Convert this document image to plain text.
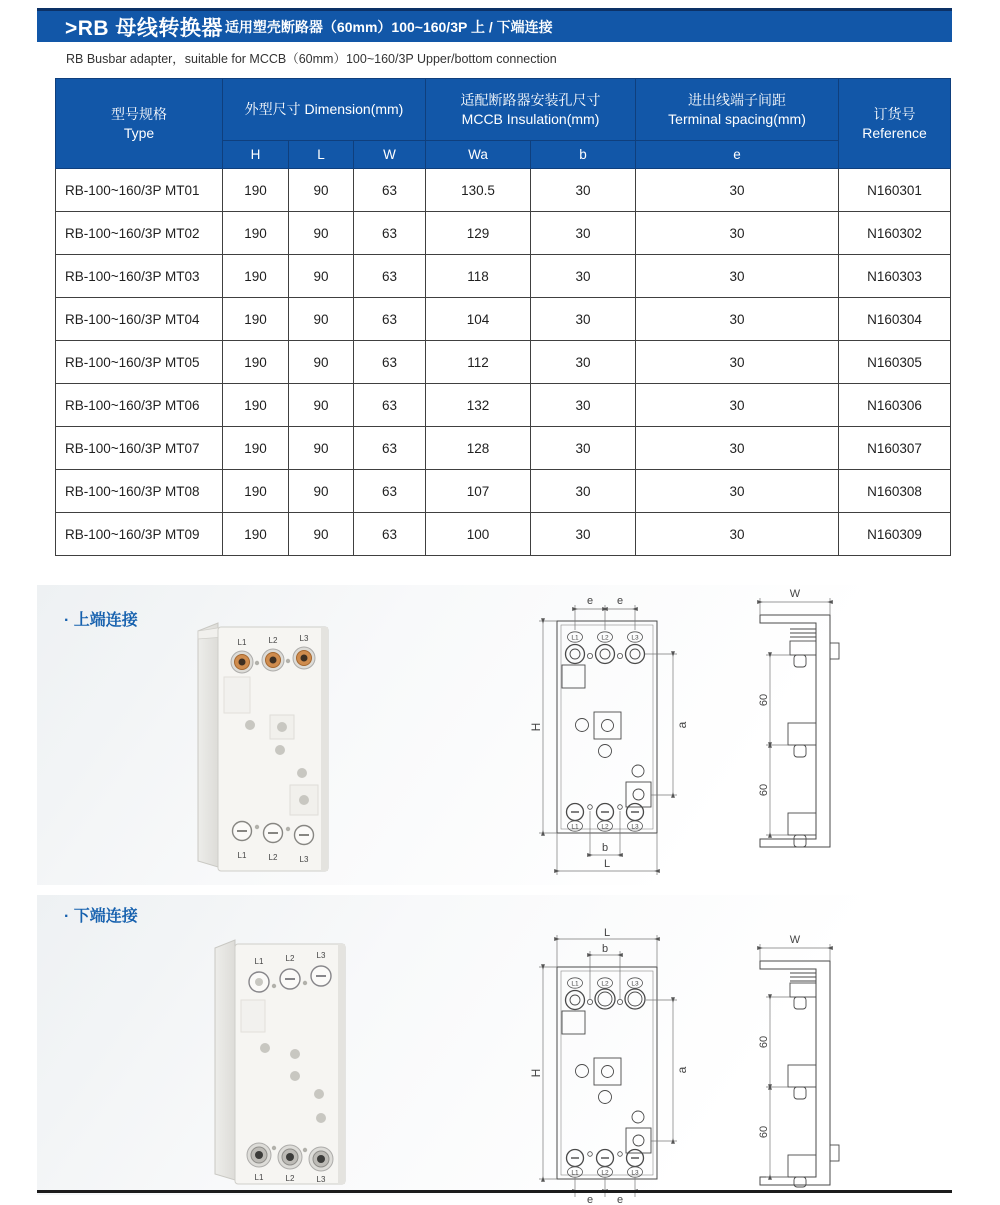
>RB 母线转换器 适用塑壳断路器（60mm）100~160/3P 上 / 下端连接
RB Busbar adapter，suitable for MCCB（60mm）100~160/3P Upper/bottom connection
型号规格
Type
	外型尺寸 Dimension(mm)	
适配断路器安装孔尺寸
MCCB Insulation(mm)

进出线端子间距
Terminal spacing(mm)	订货号
Reference

	H	L	W	Wa	b	e	
RB-100~160/3P MT01	190	90	63	130.5	30	30	N160301
RB-100~160/3P MT02	190	90	63	129	30	30	N160302
RB-100~160/3P MT03	190	90	63	118	30	30	N160303
RB-100~160/3P MT04	190	90	63	104	30	30	N160304
RB-100~160/3P MT05	190	90	63	112	30	30	N160305
RB-100~160/3P MT06	190	90	63	132	30	30	N160306
RB-100~160/3P MT07	190	90	63	128	30	30	N160307
RB-100~160/3P MT08	190	90	63	107	30	30	N160308
RB-100~160/3P MT09	190	90	63	100	30	30	N160309
· 上端连接
L1	L2	L3
L1	L2	L3
L1	L2	L3
L1	L2	L3
e e
H	a
b
L
W
60
60
· 下端连接
L1	L2	L3
L1	L2	L3
L1	L2	L3
L1	L2	L3
L
b
H	a
e e
W
60
60
